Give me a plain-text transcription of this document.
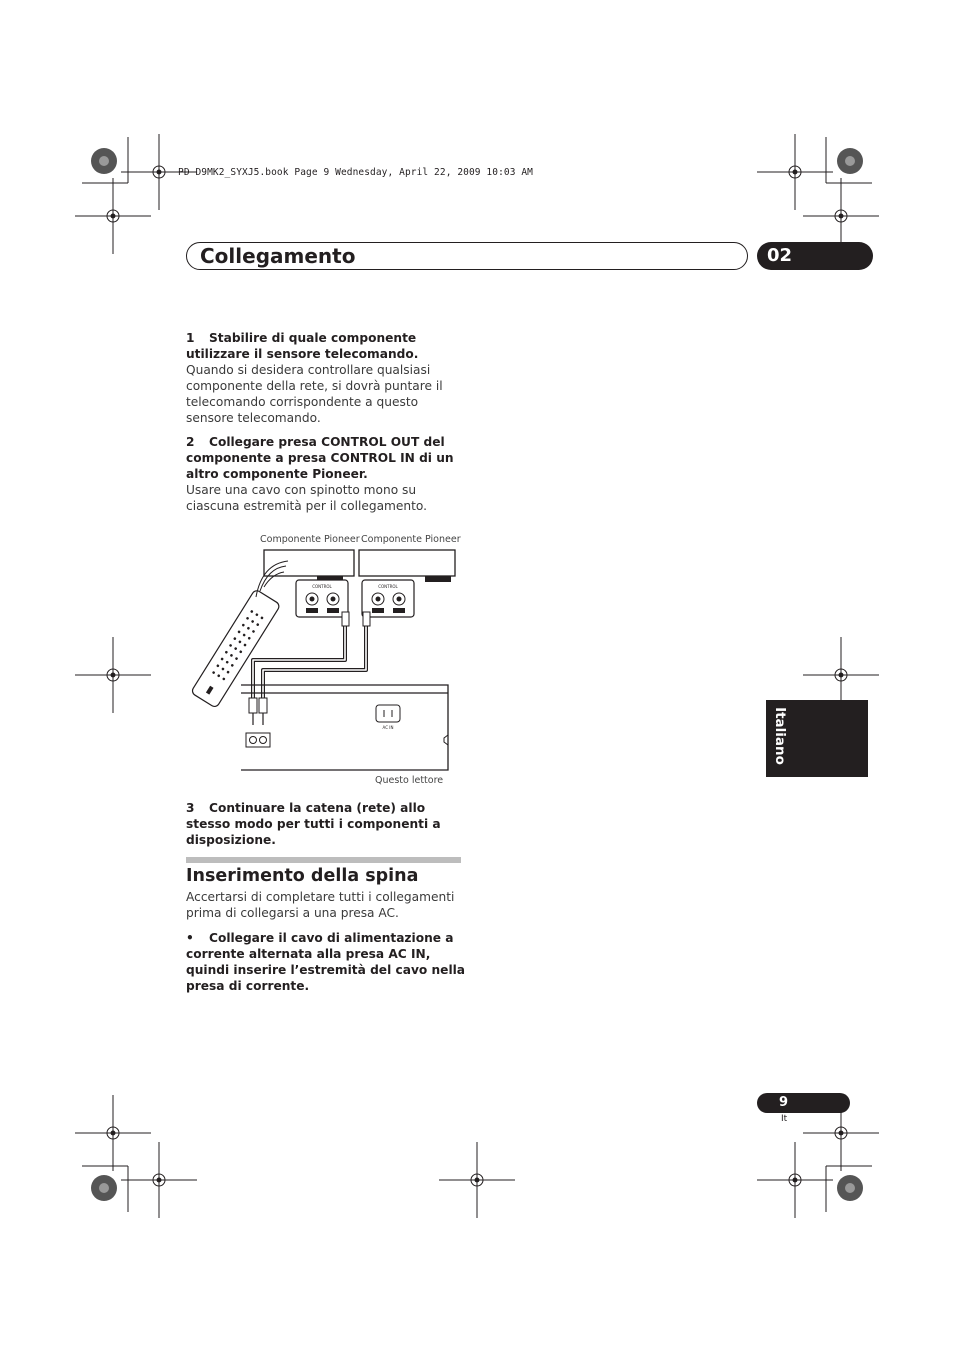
PD-D9MK2_SYXJ5.book Page 9 Wednesday, April 22, 2009 10:03 AM
Collegamento	02
1 Stabilire di quale componente utilizzare il sensore telecomando.
Quando si desidera controllare qualsiasi componente della rete, si dovrà puntare il telecomando corrispondente a questo sensore telecomando.
2 Collegare presa CONTROL OUT del componente a presa CONTROL IN di un altro componente Pioneer.
Usare una cavo con spinotto mono su ciascuna estremità per il collegamento.
Componente Pioneer Componente Pioneer
Questo lettore
CONTROL	CONTROL
AC IN
3 Continuare la catena (rete) allo stesso modo per tutti i componenti a disposizione.
Inserimento della spina
Accertarsi di completare tutti i collegamenti prima di collegarsi a una presa AC.
• Collegare il cavo di alimentazione a corrente alternata alla presa AC IN, quindi inserire l’estremità del cavo nella presa di corrente.
Italiano
9
It
